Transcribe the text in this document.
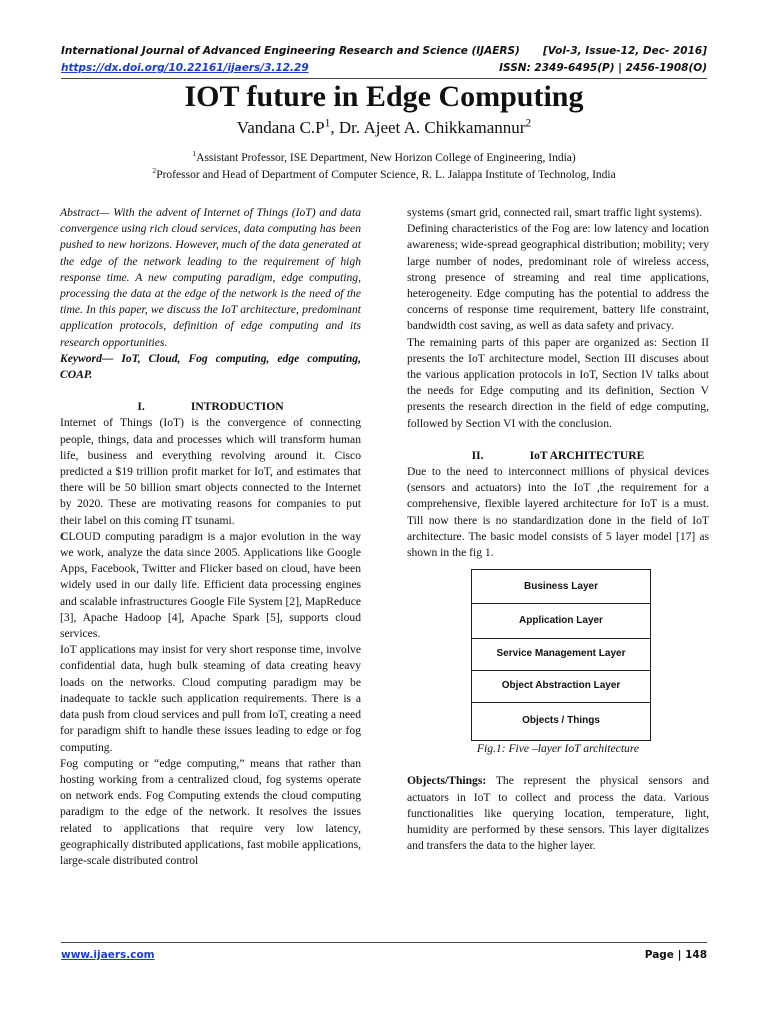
International Journal of Advanced Engineering Research and Science (IJAERS) [Vol-3, Issue-12, Dec- 2016]
https://dx.doi.org/10.22161/ijaers/3.12.29	ISSN: 2349-6495(P) | 2456-1908(O)
IOT future in Edge Computing
Vandana $C.P^1$, Dr. Ajeet A. Chikkamannur$^2$
$^1$Assistant Professor, ISE Department, New Horizon College of Engineering, India)
$^2$Professor and Head of Department of Computer Science, R. L. Jalappa Institute of Technolog, India

Abstract— With the advent of Internet of Things (IoT) and data convergence using rich cloud services, data computing has been pushed to new horizons. However, much of the data generated at the edge of the network leading to the requirement of high response time. A new computing paradigm, edge computing, processing the data at the edge of the network is the need of the time. In this paper, we discuss the IoT architecture, predominant application protocols, definition of edge computing and its research opportunities.

Keyword— IoT, Cloud, Fog computing, edge computing, COAP.

I.	INTRODUCTION

Internet of Things (IoT) is the convergence of connecting people, things, data and processes which will transform human life, business and everything revolving around it. Cisco predicted a $19 trillion profit market for IoT, and estimates that there will be 50 billion smart objects connected to the Internet by 2020. These are motivating reasons for companies to put their label on this coming IT tsunami.

CLOUD computing paradigm is a major evolution in the way we work, analyze the data since 2005. Applications like Google Apps, Facebook, Twitter and Flicker based on cloud, have been widely used in our daily life. Efficient data processing engines and scalable infrastructures Google File System [2], MapReduce [3], Apache Hadoop [4], Apache Spark [5], supports cloud services.

IoT applications may insist for very short response time, involve confidential data, hugh bulk steaming of data creating heavy loads on the networks. Cloud computing paradigm may be inadequate to tackle such application requirements. There is a data push from cloud services and pull from IoT, creating a need for paradigm shift to handle these issues leading to edge or fog computing.

Fog computing or “edge computing,” means that rather than hosting working from a centralized cloud, fog systems operate on network ends. Fog Computing extends the cloud computing paradigm to the edge of the network. It resolves the issues related to applications that require very low latency, geographically distributed applications, fast mobile applications, large-scale distributed control

systems (smart grid, connected rail, smart traffic light systems).

Defining characteristics of the Fog are: low latency and location awareness; wide-spread geographical distribution; mobility; very large number of nodes, predominant role of wireless access, strong presence of streaming and real time applications, heterogeneity. Edge computing has the potential to address the concerns of response time requirement, battery life constraint, bandwidth cost saving, as well as data safety and privacy.

The remaining parts of this paper are organized as: Section II presents the IoT architecture model, Section III discuses about the various application protocols in IoT, Section IV talks about the needs for Edge computing and its definition, Section V presents the research direction in the field of edge computing, followed by Section VI with the conclusion.

II.	IoT ARCHITECTURE

Due to the need to interconnect millions of physical devices (sensors and actuators) into the IoT ,the requirement for a comprehensive, flexible layered architecture for IoT is a must. Till now there is no standardization done in the field of IoT architecture. The basic model consists of 5 layer model [17] as shown in the fig 1.

Business Layer
Application Layer
Service Management Layer
Object Abstraction Layer
Objects / Things

Fig.1: Five –layer IoT architecture

Objects/Things: The represent the physical sensors and actuators in IoT to collect and process the data. Various functionalities like querying location, temperature, light, humidity are performed by these sensors. This layer digitalizes and transfers the data to the higher layer.

www.ijaers.com	Page | 148
